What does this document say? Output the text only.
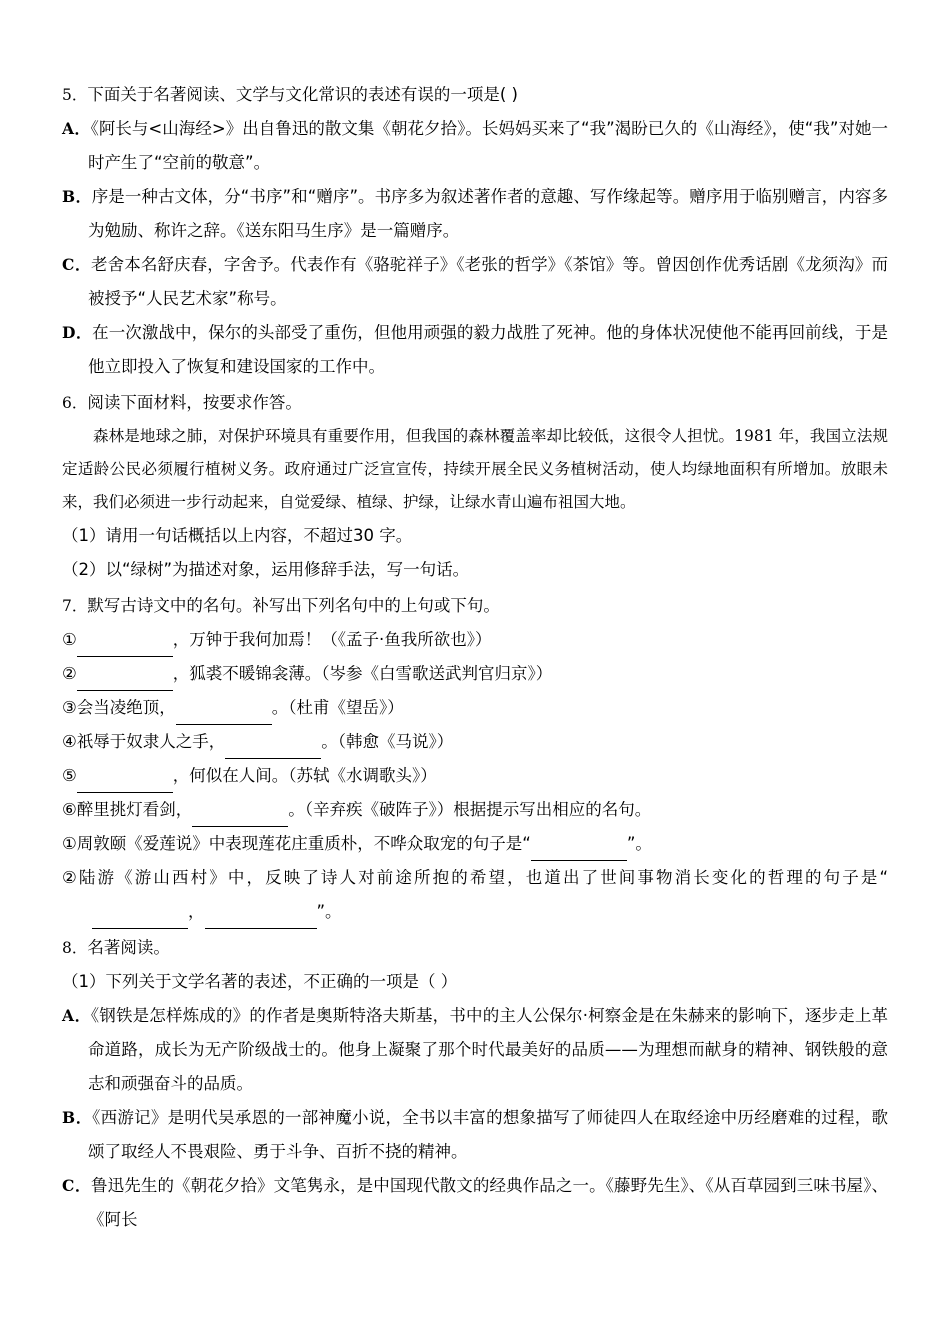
5．下面关于名著阅读、文学与文化常识的表述有误的一项是( )

A．《阿长与<山海经>》出自鲁迅的散文集《朝花夕拾》。长妈妈买来了“我”渴盼已久的《山海经》，使“我”对她一时产生了“空前的敬意”。

B．序是一种古文体，分“书序”和“赠序”。书序多为叙述著作者的意趣、写作缘起等。赠序用于临别赠言，内容多为勉励、称许之辞。《送东阳马生序》是一篇赠序。

C．老舍本名舒庆春，字舍予。代表作有《骆驼祥子》《老张的哲学》《茶馆》等。曾因创作优秀话剧《龙须沟》而被授予“人民艺术家”称号。

D．在一次激战中，保尔的头部受了重伤，但他用顽强的毅力战胜了死神。他的身体状况使他不能再回前线，于是他立即投入了恢复和建设国家的工作中。

6．阅读下面材料，按要求作答。

森林是地球之肺，对保护环境具有重要作用，但我国的森林覆盖率却比较低，这很令人担忧。1981 年，我国立法规定适龄公民必须履行植树义务。政府通过广泛宣宣传，持续开展全民义务植树活动，使人均绿地面积有所增加。放眼未来，我们必须进一步行动起来，自觉爱绿、植绿、护绿，让绿水青山遍布祖国大地。

（1）请用一句话概括以上内容，不超过30 字。

（2）以“绿树”为描述对象，运用修辞手法，写一句话。

7．默写古诗文中的名句。补写出下列名句中的上句或下句。

①	，万钟于我何加焉！（《孟子·鱼我所欲也》）

②	，狐裘不暖锦衾薄。（岑参《白雪歌送武判官归京》）

③会当凌绝顶，	。（杜甫《望岳》）

④祇辱于奴隶人之手，	。（韩愈《马说》）

⑤	，何似在人间。（苏轼《水调歌头》）

⑥醉里挑灯看剑，	。（辛弃疾《破阵子》）根据提示写出相应的名句。

①周敦颐《爱莲说》中表现莲花庄重质朴，不哗众取宠的句子是“	”。

②陆游《游山西村》中，反映了诗人对前途所抱的希望，也道出了世间事物消长变化的哲理的句子是“，	”。

8．名著阅读。

（1）下列关于文学名著的表述，不正确的一项是（ ）

A．《钢铁是怎样炼成的》的作者是奥斯特洛夫斯基，书中的主人公保尔·柯察金是在朱赫来的影响下，逐步走上革命道路，成长为无产阶级战士的。他身上凝聚了那个时代最美好的品质——为理想而献身的精神、钢铁般的意志和顽强奋斗的品质。

B．《西游记》是明代吴承恩的一部神魔小说，全书以丰富的想象描写了师徒四人在取经途中历经磨难的过程，歌颂了取经人不畏艰险、勇于斗争、百折不挠的精神。

C．鲁迅先生的《朝花夕拾》文笔隽永，是中国现代散文的经典作品之一。《藤野先生》、《从百草园到三味书屋》、《阿长
